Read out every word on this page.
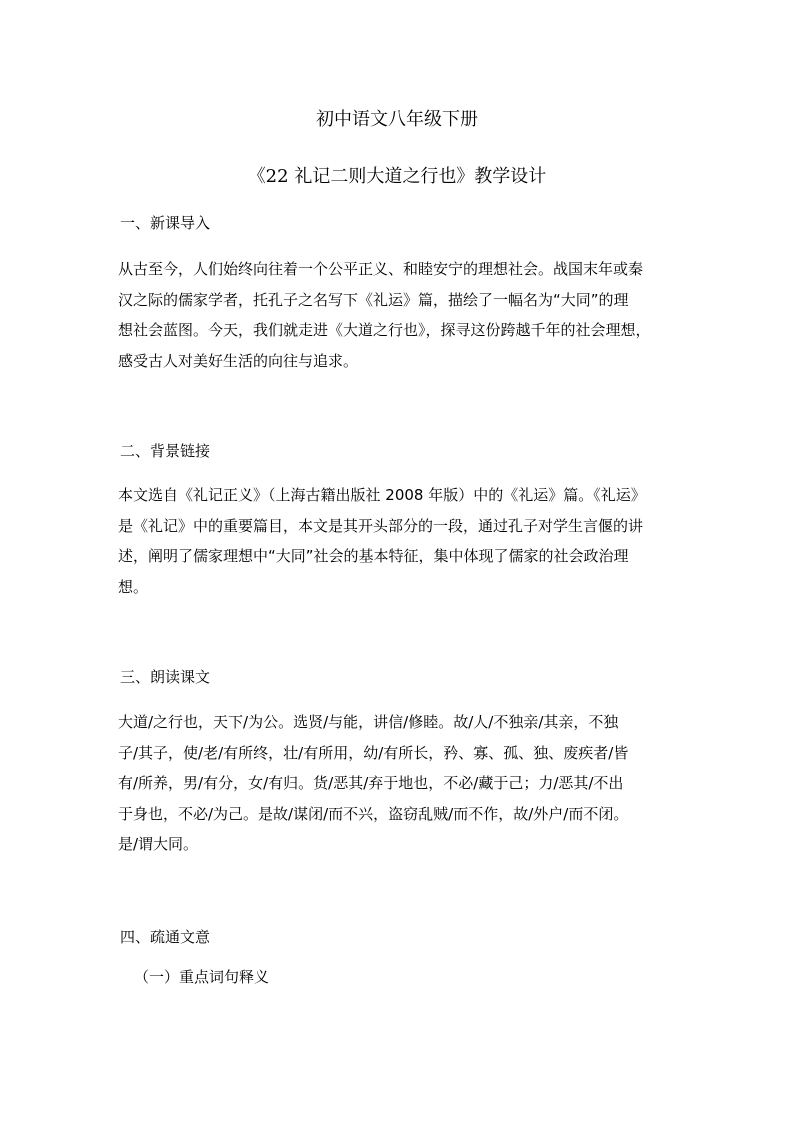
初中语文八年级下册
《22 礼记二则大道之行也》教学设计
一、新课导入
从古至今，人们始终向往着一个公平正义、和睦安宁的理想社会。战国末年或秦
汉之际的儒家学者，托孔子之名写下《礼运》篇，描绘了一幅名为“大同”的理
想社会蓝图。今天，我们就走进《大道之行也》，探寻这份跨越千年的社会理想，
感受古人对美好生活的向往与追求。
二、背景链接
本文选自《礼记正义》（上海古籍出版社 2008 年版）中的《礼运》篇。《礼运》
是《礼记》中的重要篇目，本文是其开头部分的一段，通过孔子对学生言偃的讲
述，阐明了儒家理想中“大同”社会的基本特征，集中体现了儒家的社会政治理
想。
三、朗读课文
大道/之行也，天下/为公。选贤/与能，讲信/修睦。故/人/不独亲/其亲，不独
子/其子，使/老/有所终，壮/有所用，幼/有所长，矜、寡、孤、独、废疾者/皆
有/所养，男/有分，女/有归。货/恶其/弃于地也，不必/藏于己；力/恶其/不出
于身也，不必/为己。是故/谋闭/而不兴，盗窃乱贼/而不作，故/外户/而不闭。
是/谓大同。
四、疏通文意
（一）重点词句释义
